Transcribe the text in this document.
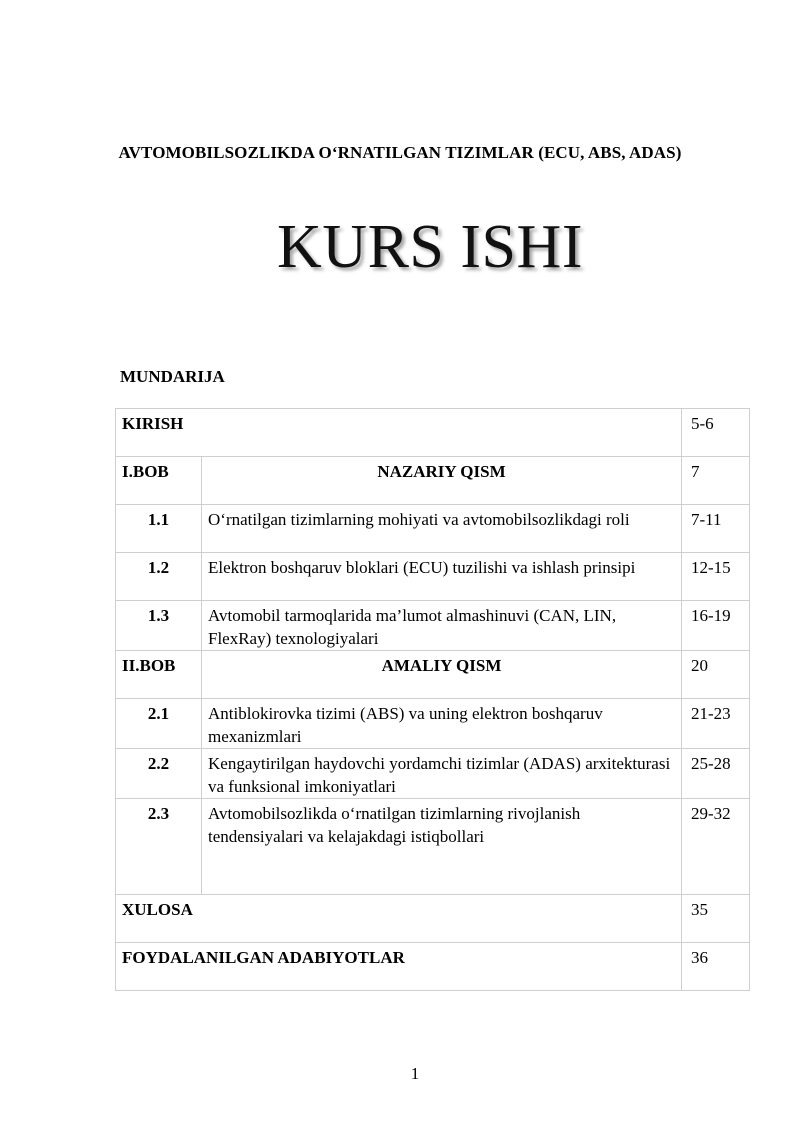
AVTOMOBILSOZLIKDA O‘RNATILGAN TIZIMLAR (ECU, ABS, ADAS)
KURS ISHI
MUNDARIJA
KIRISH		5-6
I.BOB	NAZARIY QISM	7
1.1	O‘rnatilgan tizimlarning mohiyati va avtomobilsozlikdagi roli	7-11
1.2	Elektron boshqaruv bloklari (ECU) tuzilishi va ishlash prinsipi	12-15
1.3	Avtomobil tarmoqlarida ma’lumot almashinuvi (CAN, LIN, FlexRay) texnologiyalari	16-19
II.BOB	AMALIY QISM	20
2.1	Antiblokirovka tizimi (ABS) va uning elektron boshqaruv mexanizmlari	21-23
2.2	Kengaytirilgan haydovchi yordamchi tizimlar (ADAS) arxitekturasi va funksional imkoniyatlari	25-28
2.3	Avtomobilsozlikda o‘rnatilgan tizimlarning rivojlanish tendensiyalari va kelajakdagi istiqbollari	29-32
XULOSA		35
FOYDALANILGAN ADABIYOTLAR		36
1
